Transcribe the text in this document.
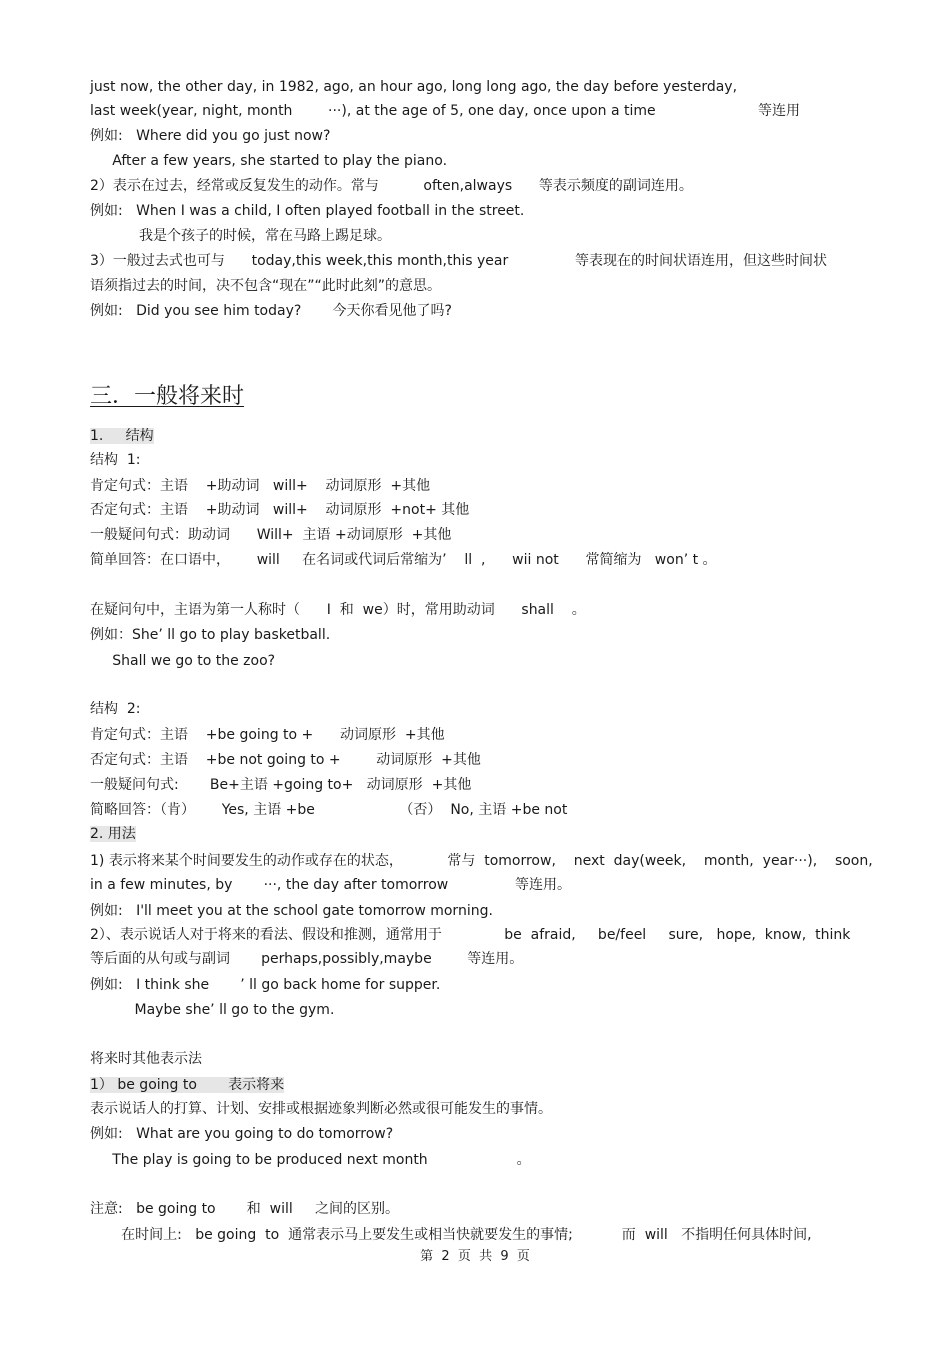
just now, the other day, in 1982, ago, an hour ago, long long ago, the day before yesterday,
last week(year, night, month        ···), at the age of 5, one day, once upon a time                       等连用
例如:   Where did you go just now?
After a few years, she started to play the piano.
2）表示在过去，经常或反复发生的动作。常与          often,always      等表示频度的副词连用。
例如:   When I was a child, I often played football in the street.
我是个孩子的时候，常在马路上踢足球。
3）一般过去式也可与      today,this week,this month,this year               等表现在的时间状语连用，但这些时间状
语须指过去的时间，决不包含“现在”“此时此刻”的意思。
例如:   Did you see him today?       今天你看见他了吗?
三．一般将来时
1.     结构
结构  1:
肯定句式：主语    +助动词   will+    动词原形  +其他
否定句式：主语    +助动词   will+    动词原形  +not+ 其他
一般疑问句式：助动词      Will+  主语 +动词原形  +其他
简单回答：在口语中，      will     在名词或代词后常缩为’    ll  ,      wii not      常简缩为   won’ t 。
在疑问句中，主语为第一人称时（      I  和  we）时，常用助动词      shall    。
例如：She’ ll go to play basketball.
Shall we go to the zoo?
结构  2:
肯定句式：主语    +be going to +      动词原形  +其他
否定句式：主语    +be not going to +        动词原形  +其他
一般疑问句式:       Be+主语 +going to+   动词原形  +其他
简略回答：（肯）      Yes, 主语 +be                   （否）  No, 主语 +be not
2. 用法
1) 表示将来某个时间要发生的动作或存在的状态，          常与  tomorrow,    next  day(week,    month,  year···),    soon,
in a few minutes, by       ···, the day after tomorrow               等连用。
例如:   I'll meet you at the school gate tomorrow morning.
2）、表示说话人对于将来的看法、假设和推测，通常用于              be  afraid,     be/feel     sure,   hope,  know,  think
等后面的从句或与副词       perhaps,possibly,maybe        等连用。
例如:   I think she       ’ ll go back home for supper.
Maybe she’ ll go to the gym.
将来时其他表示法
1） be going to       表示将来
表示说话人的打算、计划、安排或根据迹象判断必然或很可能发生的事情。
例如:   What are you going to do tomorrow?
The play is going to be produced next month                    。
注意:   be going to       和  will     之间的区别。
在时间上:   be going  to  通常表示马上要发生或相当快就要发生的事情;           而  will   不指明任何具体时间,
第  2  页  共  9  页
